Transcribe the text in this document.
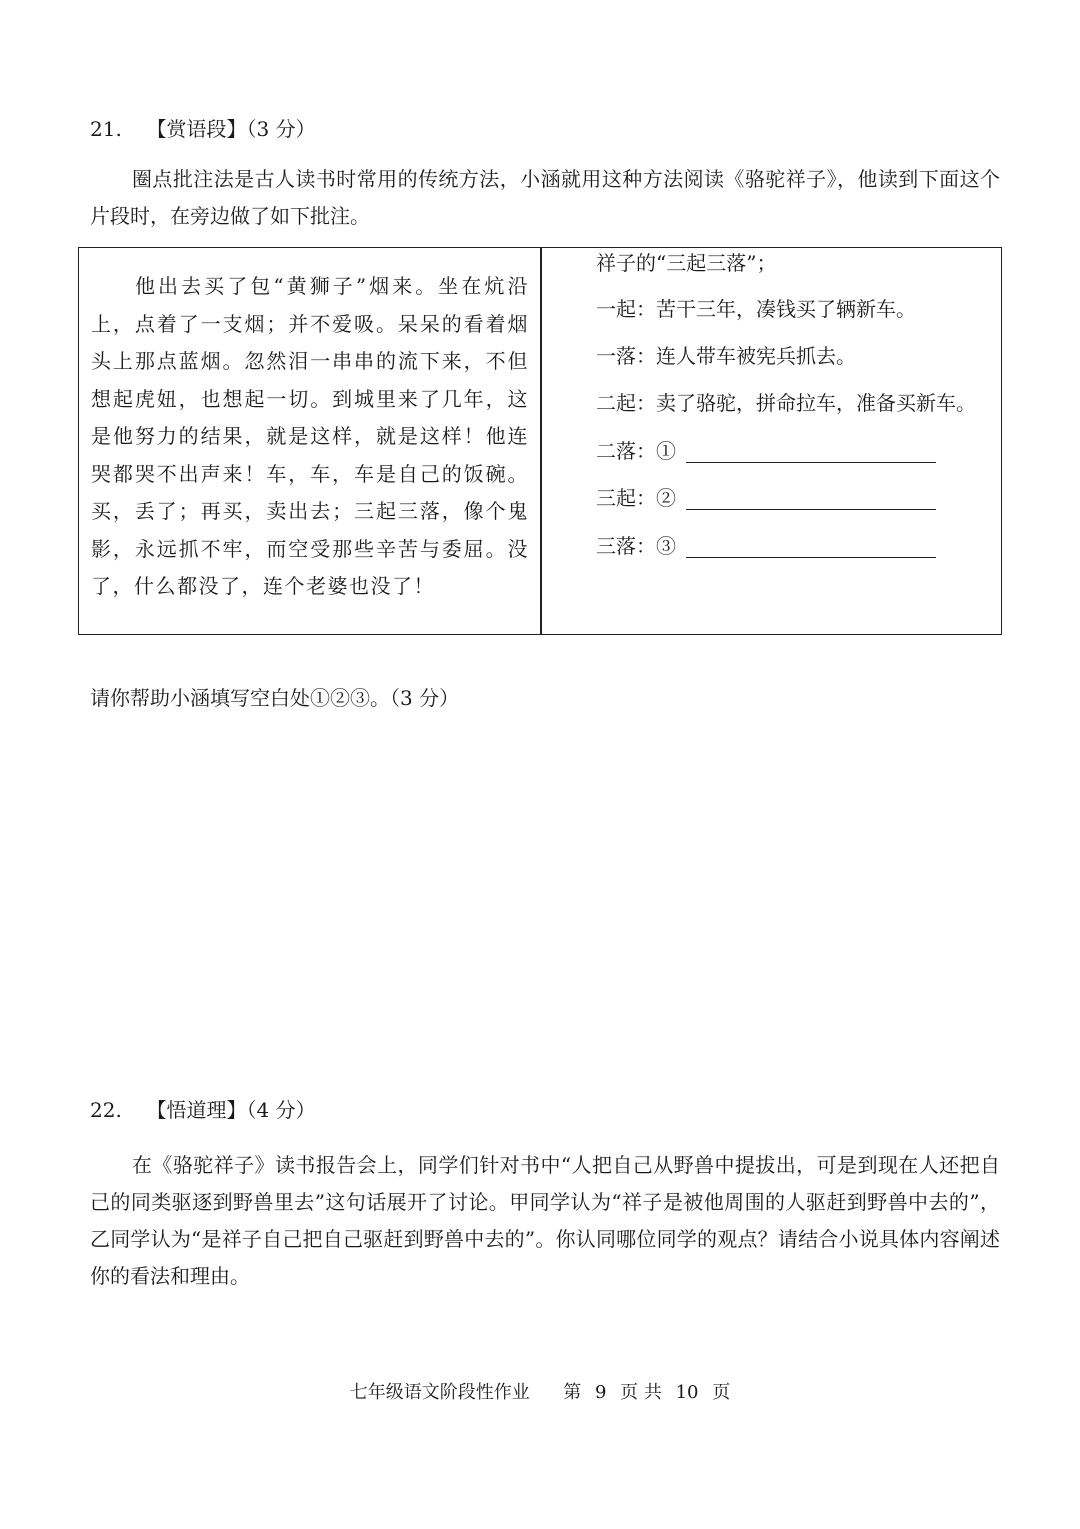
21. 【赏语段】（3 分）
圈点批注法是古人读书时常用的传统方法，小涵就用这种方法阅读《骆驼祥子》，他读到下面这个片段时，在旁边做了如下批注。
他出去买了包“黄狮子”烟来。坐在炕沿上，点着了一支烟；并不爱吸。呆呆的看着烟头上那点蓝烟。忽然泪一串串的流下来，不但想起虎妞，也想起一切。到城里来了几年，这是他努力的结果，就是这样，就是这样！他连哭都哭不出声来！车，车，车是自己的饭碗。买，丢了；再买，卖出去；三起三落，像个鬼影，永远抓不牢，而空受那些辛苦与委屈。没了，什么都没了，连个老婆也没了！
祥子的“三起三落”；
一起：苦干三年，凑钱买了辆新车。
一落：连人带车被宪兵抓去。
二起：卖了骆驼，拼命拉车，准备买新车。
二落：①
三起：②
三落：③
请你帮助小涵填写空白处①②③。（3 分）
22. 【悟道理】（4 分）
在《骆驼祥子》读书报告会上，同学们针对书中“人把自己从野兽中提拔出，可是到现在人还把自己的同类驱逐到野兽里去”这句话展开了讨论。甲同学认为“祥子是被他周围的人驱赶到野兽中去的”，乙同学认为“是祥子自己把自己驱赶到野兽中去的”。你认同哪位同学的观点？请结合小说具体内容阐述你的看法和理由。
七年级语文阶段性作业 第 9 页 共 10 页
